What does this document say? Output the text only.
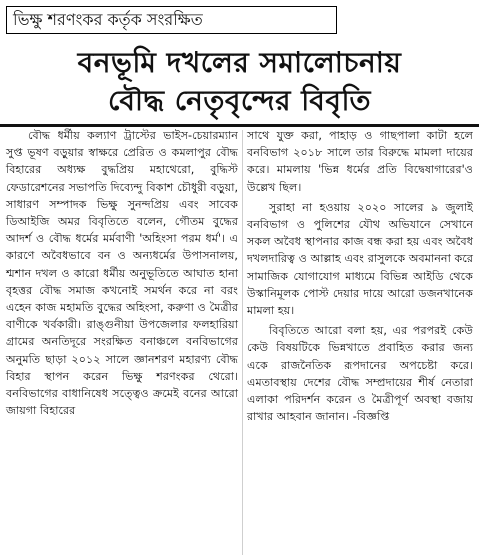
ভিক্ষু শরণংকর কর্তৃক সংরক্ষিত
বনভূমি দখলের সমালোচনায়
বৌদ্ধ নেতৃবৃন্দের বিবৃতি

বৌদ্ধ ধর্মীয় কল্যাণ ট্রাস্টের ভাইস-চেয়ারম্যান সুপ্ত ভূষণ বড়ুয়ার স্বাক্ষরে প্রেরিত ও কমলাপুর বৌদ্ধ বিহারের অধ্যক্ষ বুদ্ধপ্রিয় মহাথেরো, বুদ্ধিস্ট ফেডারেশনের সভাপতি দিব্যেন্দু বিকাশ চৌধুরী বড়ুয়া, সাধারণ সম্পাদক ভিক্ষু সুনন্দপ্রিয় এবং সাবেক ডিআইজি অমর বিবৃতিতে বলেন, গৌতম বুদ্ধের আদর্শ ও বৌদ্ধ ধর্মের মর্মবাণী 'অহিংসা পরম ধর্ম'। এ কারণে অবৈধভাবে বন ও অন্যধর্মের উপাসনালয়, শ্মশান দখল ও কারো ধর্মীয় অনুভূতিতে আঘাত হানা বৃহত্তর বৌদ্ধ সমাজ কখনোই সমর্থন করে না বরং এহেন কাজ মহামতি বুদ্ধের অহিংসা, করুণা ও মৈত্রীর বাণীকে খর্বকারী। রাঙ্গুনীয়া উপজেলার ফলহারিয়া গ্রামের অনতিদূরে সংরক্ষিত বনাঞ্চলে বনবিভাগের অনুমতি ছাড়া ২০১২ সালে জ্ঞানশরণ মহারণ্য বৌদ্ধ বিহার স্থাপন করেন ভিক্ষু শরণংকর থেরো। বনবিভাগের বাধানিষেধ সত্ত্বেও ক্রমেই বনের আরো জায়গা বিহারের

সাথে যুক্ত করা, পাহাড় ও গাছপালা কাটা হলে বনবিভাগ ২০১৮ সালে তার বিরুদ্ধে মামলা দায়ের করে। মামলায় 'ভিন্ন ধর্মের প্রতি বিদ্বেষাগারের'ও উল্লেখ ছিল।

সুরাহা না হওয়ায় ২০২০ সালের ৯ জুলাই বনবিভাগ ও পুলিশের যৌথ অভিযানে সেখানে সকল অবৈধ স্থাপনার কাজ বন্ধ করা হয় এবং অবৈধ দখলদারিত্ব ও আল্লাহ এবং রাসুলকে অবমাননা করে সামাজিক যোগাযোগ মাধ্যমে বিভিন্ন আইডি থেকে উস্কানিমূলক পোস্ট দেয়ার দায়ে আরো ডজনখানেক মামলা হয়।

বিবৃতিতে আরো বলা হয়, এর পরপরই কেউ কেউ বিষয়টিকে ভিন্নখাতে প্রবাহিত করার জন্য একে রাজনৈতিক রূপদানের অপচেষ্টা করে। এমতাবস্থায় দেশের বৌদ্ধ সম্প্রদায়ের শীর্ষ নেতারা এলাকা পরিদর্শন করেন ও মৈত্রীপূর্ণ অবস্থা বজায় রাখার আহবান জানান। -বিজ্ঞপ্তি
